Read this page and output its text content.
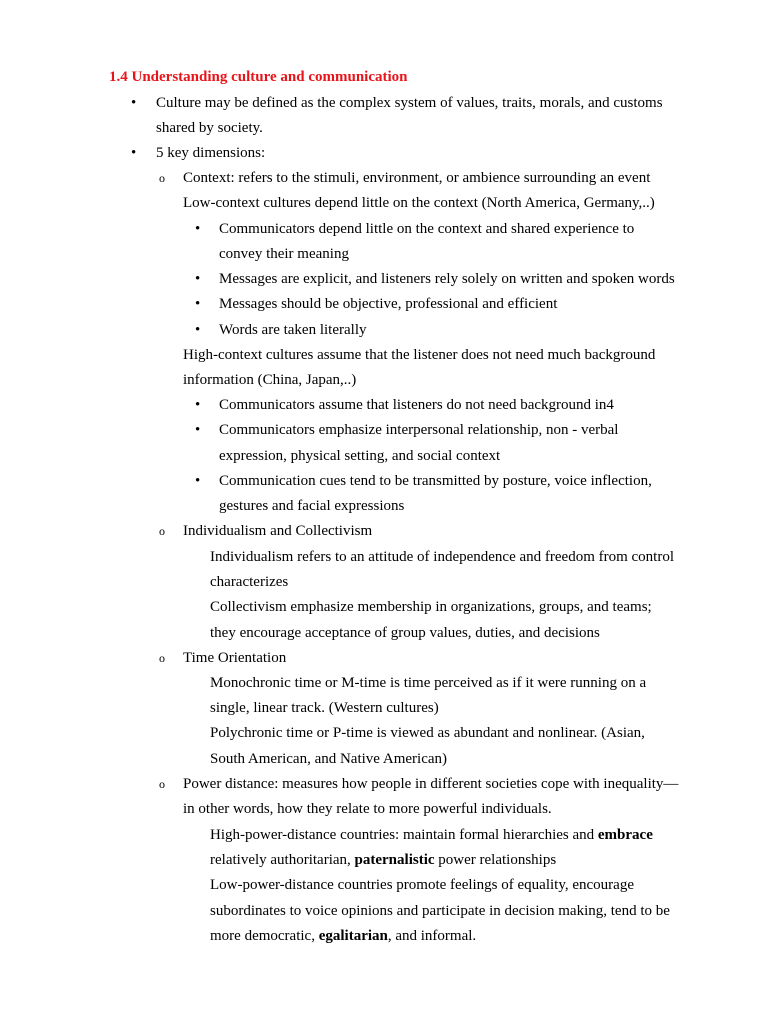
1.4 Understanding culture and communication
• Culture may be defined as the complex system of values, traits, morals, and customs
shared by society.
• 5 key dimensions:
o Context: refers to the stimuli, environment, or ambience surrounding an event
Low-context cultures depend little on the context (North America, Germany,..)
• Communicators depend little on the context and shared experience to
convey their meaning
• Messages are explicit, and listeners rely solely on written and spoken words
• Messages should be objective, professional and efficient
• Words are taken literally
High-context cultures assume that the listener does not need much background
information (China, Japan,..)
• Communicators assume that listeners do not need background in4
• Communicators emphasize interpersonal relationship, non - verbal
expression, physical setting, and social context
• Communication cues tend to be transmitted by posture, voice inflection,
gestures and facial expressions
o Individualism and Collectivism
Individualism refers to an attitude of independence and freedom from control
characterizes
Collectivism emphasize membership in organizations, groups, and teams;
they encourage acceptance of group values, duties, and decisions
o Time Orientation
Monochronic time or M-time is time perceived as if it were running on a
single, linear track. (Western cultures)
Polychronic time or P-time is viewed as abundant and nonlinear. (Asian,
South American, and Native American)
o Power distance: measures how people in different societies cope with inequality—
in other words, how they relate to more powerful individuals.
High-power-distance countries: maintain formal hierarchies and embrace
relatively authoritarian, paternalistic power relationships
Low-power-distance countries promote feelings of equality, encourage
subordinates to voice opinions and participate in decision making, tend to be
more democratic, egalitarian, and informal.
